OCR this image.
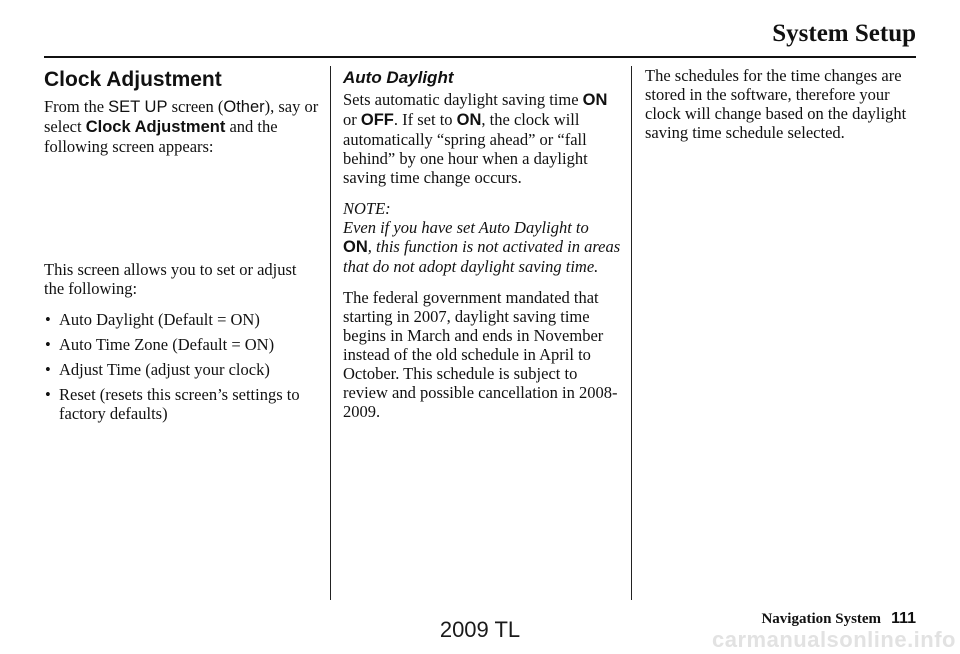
System Setup
Clock Adjustment

From the SET UP screen (Other), say or select Clock Adjustment and the following screen appears:

This screen allows you to set or adjust the following:

• Auto Daylight (Default = ON)
• Auto Time Zone (Default = ON)
• Adjust Time (adjust your clock)
• Reset (resets this screen’s settings to factory defaults)
Auto Daylight

Sets automatic daylight saving time ON or OFF. If set to ON, the clock will automatically “spring ahead” or “fall behind” by one hour when a daylight saving time change occurs.

NOTE:
Even if you have set Auto Daylight to ON, this function is not activated in areas that do not adopt daylight saving time.

The federal government mandated that starting in 2007, daylight saving time begins in March and ends in November instead of the old schedule in April to October. This schedule is subject to review and possible cancellation in 2008-2009.

The schedules for the time changes are stored in the software, therefore your clock will change based on the daylight saving time schedule selected.

Navigation System 111
2009 TL	carmanualsonline.info
